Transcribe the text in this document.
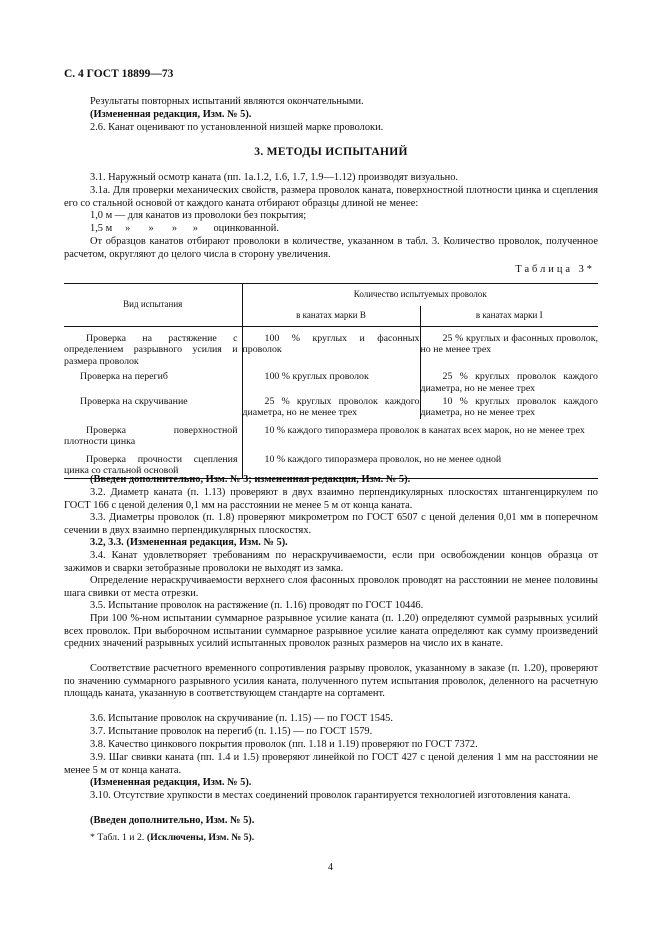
С. 4 ГОСТ 18899—73
Результаты повторных испытаний являются окончательными.
(Измененная редакция, Изм. № 5).
2.6. Канат оценивают по установленной низшей марке проволоки.
3. МЕТОДЫ ИСПЫТАНИЙ
3.1. Наружный осмотр каната (пп. 1а.1.2, 1.6, 1.7, 1.9—1.12) производят визуально.
3.1а. Для проверки механических свойств, размера проволок каната, поверхностной плотности цинка и сцепления его со стальной основой от каждого каната отбирают образцы длиной не менее:
1,0 м — для канатов из проволоки без покрытия;
1,5 м     »       »       »      »      оцинкованной.
От образцов канатов отбирают проволоки в количестве, указанном в табл. 3. Количество проволок, полученное расчетом, округляют до целого числа в сторону увеличения.
Таблица 3*
Вид испытания	Количество испытуемых проволок	
	в канатах марки В	в канатах марки I
Проверка на растяжение с определением разрывного усилия и размера проволок	100 % круглых и фасонных проволок	25 % круглых и фасонных проволок, но не менее трех
Проверка на перегиб	100 % круглых проволок	25 % круглых проволок каждого диаметра, но не менее трех
Проверка на скручивание	25 % круглых проволок каждого диаметра, но не менее трех	10 % круглых проволок каждого диаметра, но не менее трех
Проверка поверхностной плотности цинка	10 % каждого типоразмера проволок в канатах всех марок, но не менее трех	
Проверка прочности сцепления цинка со стальной основой	10 % каждого типоразмера проволок, но не менее одной	
(Введен дополнительно, Изм. № 3; измененная редакция, Изм. № 5).
3.2. Диаметр каната (п. 1.13) проверяют в двух взаимно перпендикулярных плоскостях штангенциркулем по ГОСТ 166 с ценой деления 0,1 мм на расстоянии не менее 5 м от конца каната.
3.3. Диаметры проволок (п. 1.8) проверяют микрометром по ГОСТ 6507 с ценой деления 0,01 мм в поперечном сечении в двух взаимно перпендикулярных плоскостях.
3.2, 3.3. (Измененная редакция, Изм. № 5).
3.4. Канат удовлетворяет требованиям по нераскручиваемости, если при освобождении концов образца от зажимов и сварки зетобразные проволоки не выходят из замка.
Определение нераскручиваемости верхнего слоя фасонных проволок проводят на расстоянии не менее половины шага свивки от места отрезки.
3.5. Испытание проволок на растяжение (п. 1.16) проводят по ГОСТ 10446.
При 100 %-ном испытании суммарное разрывное усилие каната (п. 1.20) определяют суммой разрывных усилий всех проволок. При выборочном испытании суммарное разрывное усилие каната определяют как сумму произведений средних значений разрывных усилий испытанных проволок разных размеров на число их в канате.
Соответствие расчетного временного сопротивления разрыву проволок, указанному в заказе (п. 1.20), проверяют по значению суммарного разрывного усилия каната, полученного путем испытания проволок, деленного на расчетную площадь каната, указанную в соответствующем стандарте на сортамент.
3.6. Испытание проволок на скручивание (п. 1.15) — по ГОСТ 1545.
3.7. Испытание проволок на перегиб (п. 1.15) — по ГОСТ 1579.
3.8. Качество цинкового покрытия проволок (пп. 1.18 и 1.19) проверяют по ГОСТ 7372.
3.9. Шаг свивки каната (пп. 1.4 и 1.5) проверяют линейкой по ГОСТ 427 с ценой деления 1 мм на расстоянии не менее 5 м от конца каната.
(Измененная редакция, Изм. № 5).
3.10. Отсутствие хрупкости в местах соединений проволок гарантируется технологией изготовления каната.
(Введен дополнительно, Изм. № 5).
* Табл. 1 и 2. (Исключены, Изм. № 5).
4
